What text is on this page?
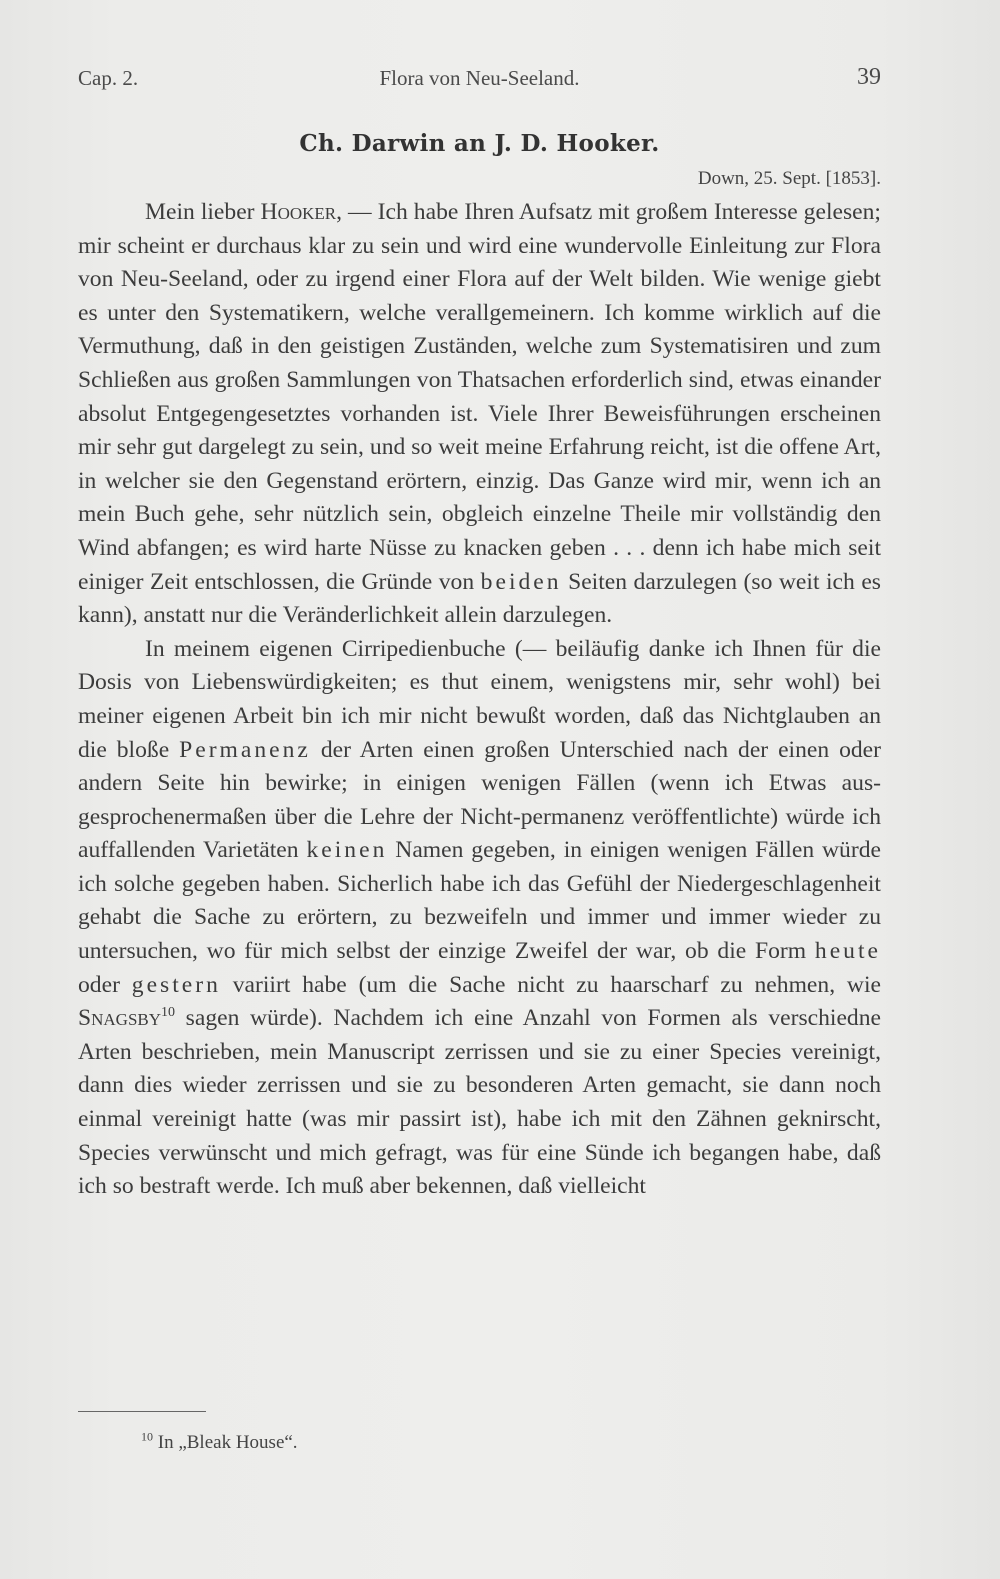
Cap. 2.	Flora von Neu-Seeland.	39
Ch. Darwin an J. D. Hooker.
Down, 25. Sept. [1853].

Mein lieber Hooker, — Ich habe Ihren Aufsatz mit großem Interesse gelesen; mir scheint er durchaus klar zu sein und wird eine wundervolle Einleitung zur Flora von Neu-Seeland, oder zu irgend einer Flora auf der Welt bilden. Wie wenige giebt es unter den Systematikern, welche verallgemeinern. Ich komme wirklich auf die Vermuthung, daß in den geistigen Zuständen, welche zum Systematisiren und zum Schließen aus großen Sammlungen von Thatsachen erforderlich sind, etwas einander absolut Entgegengesetztes vorhanden ist. Viele Ihrer Beweisführungen erscheinen mir sehr gut dargelegt zu sein, und so weit meine Erfahrung reicht, ist die offene Art, in welcher sie den Gegenstand erörtern, einzig. Das Ganze wird mir, wenn ich an mein Buch gehe, sehr nützlich sein, obgleich einzelne Theile mir vollständig den Wind abfangen; es wird harte Nüsse zu knacken geben . . . denn ich habe mich seit einiger Zeit entschlossen, die Gründe von beiden Seiten darzulegen (so weit ich es kann), anstatt nur die Veränderlichkeit allein darzulegen.

In meinem eigenen Cirripedienbuche (— beiläufig danke ich Ihnen für die Dosis von Liebenswürdigkeiten; es thut einem, wenigstens mir, sehr wohl) bei meiner eigenen Arbeit bin ich mir nicht bewußt worden, daß das Nichtglauben an die bloße Permanenz der Arten einen großen Unterschied nach der einen oder andern Seite hin bewirke; in einigen wenigen Fällen (wenn ich Etwas ausgesprochenermaßen über die Lehre der Nicht-permanenz veröffentlichte) würde ich auffallenden Varietäten keinen Namen gegeben, in einigen wenigen Fällen würde ich solche gegeben haben. Sicherlich habe ich das Gefühl der Niedergeschlagenheit gehabt die Sache zu erörtern, zu bezweifeln und immer und immer wieder zu untersuchen, wo für mich selbst der einzige Zweifel der war, ob die Form heute oder gestern variirt habe (um die Sache nicht zu haarscharf zu nehmen, wie Snagsby$^{10}$ sagen würde). Nachdem ich eine Anzahl von Formen als verschiedne Arten beschrieben, mein Manuscript zerrissen und sie zu einer Species vereinigt, dann dies wieder zerrissen und sie zu besonderen Arten gemacht, sie dann noch einmal vereinigt hatte (was mir passirt ist), habe ich mit den Zähnen geknirscht, Species verwünscht und mich gefragt, was für eine Sünde ich begangen habe, daß ich so bestraft werde. Ich muß aber bekennen, daß vielleicht

$^{10}$ In „Bleak House“.
